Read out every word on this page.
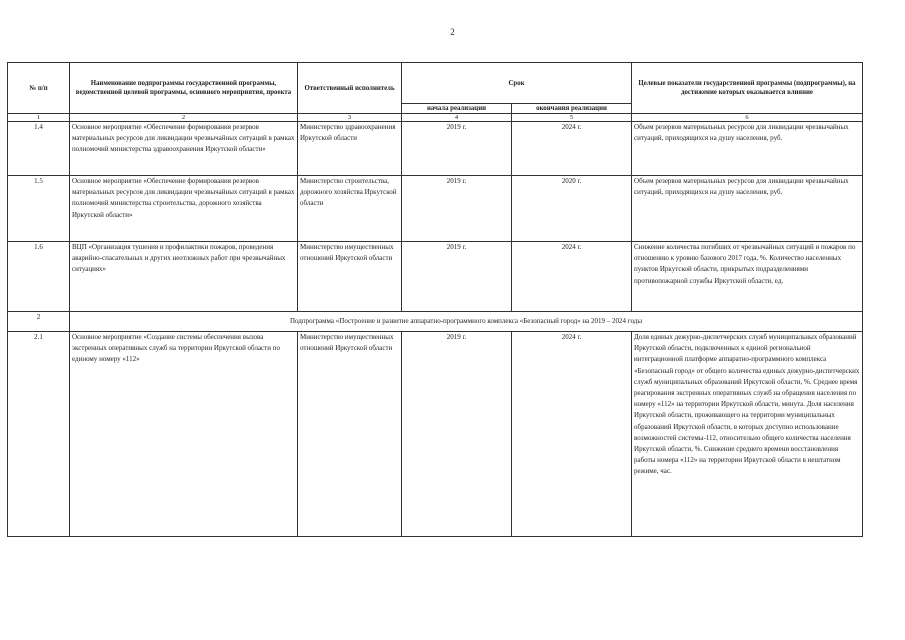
2
№ п/п	Наименование подпрограммы государственной программы, ведомственной целевой программы, основного мероприятия, проекта	Ответственный исполнитель	Срок		Целевые показатели государственной программы (подпрограммы), на достижение которых оказывается влияние
			начала реализации	окончания реализации	
1	2	3	4	5	6
1.4	Основное мероприятие «Обеспечение формирования резервов материальных ресурсов для ликвидации чрезвычайных ситуаций в рамках полномочий министерства здравоохранения Иркутской области»	Министерство здравоохранения Иркутской области	2019 г.	2024 г.	Объем резервов материальных ресурсов для ликвидации чрезвычайных ситуаций, приходящихся на душу населения, руб.
1.5	Основное мероприятие «Обеспечение формирования резервов материальных ресурсов для ликвидации чрезвычайных ситуаций в рамках полномочий министерства строительства, дорожного хозяйства Иркутской области»	Министерство строительства, дорожного хозяйства Иркутской области	2019 г.	2020 г.	Объем резервов материальных ресурсов для ликвидации чрезвычайных ситуаций, приходящихся на душу населения, руб.
1.6	ВЦП «Организация тушения и профилактики пожаров, проведения аварийно-спасательных и других неотложных работ при чрезвычайных ситуациях»	Министерство имущественных отношений Иркутской области	2019 г.	2024 г.	Снижение количества погибших от чрезвычайных ситуаций и пожаров по отношению к уровню базового 2017 года, %. Количество населенных пунктов Иркутской области, прикрытых подразделениями противопожарной службы Иркутской области, ед.
2	Подпрограмма «Построение и развитие аппаратно-программного комплекса «Безопасный город» на 2019 – 2024 годы				
2.1	Основное мероприятие «Создание системы обеспечения вызова экстренных оперативных служб на территории Иркутской области по единому номеру «112»	Министерство имущественных отношений Иркутской области	2019 г.	2024 г.	Доля единых дежурно-диспетчерских служб муниципальных образований Иркутской области, подключенных к единой региональной интеграционной платформе аппаратно-программного комплекса «Безопасный город» от общего количества единых дежурно-диспетчерских служб муниципальных образований Иркутской области, %. Среднее время реагирования экстренных оперативных служб на обращения населения по номеру «112» на территории Иркутской области, минута. Доля населения Иркутской области, проживающего на территории муниципальных образований Иркутской области, в которых доступно использование возможностей системы-112, относительно общего количества населения Иркутской области, %. Снижение среднего времени восстановления работы номера «112» на территории Иркутской области в нештатном режиме, час.
